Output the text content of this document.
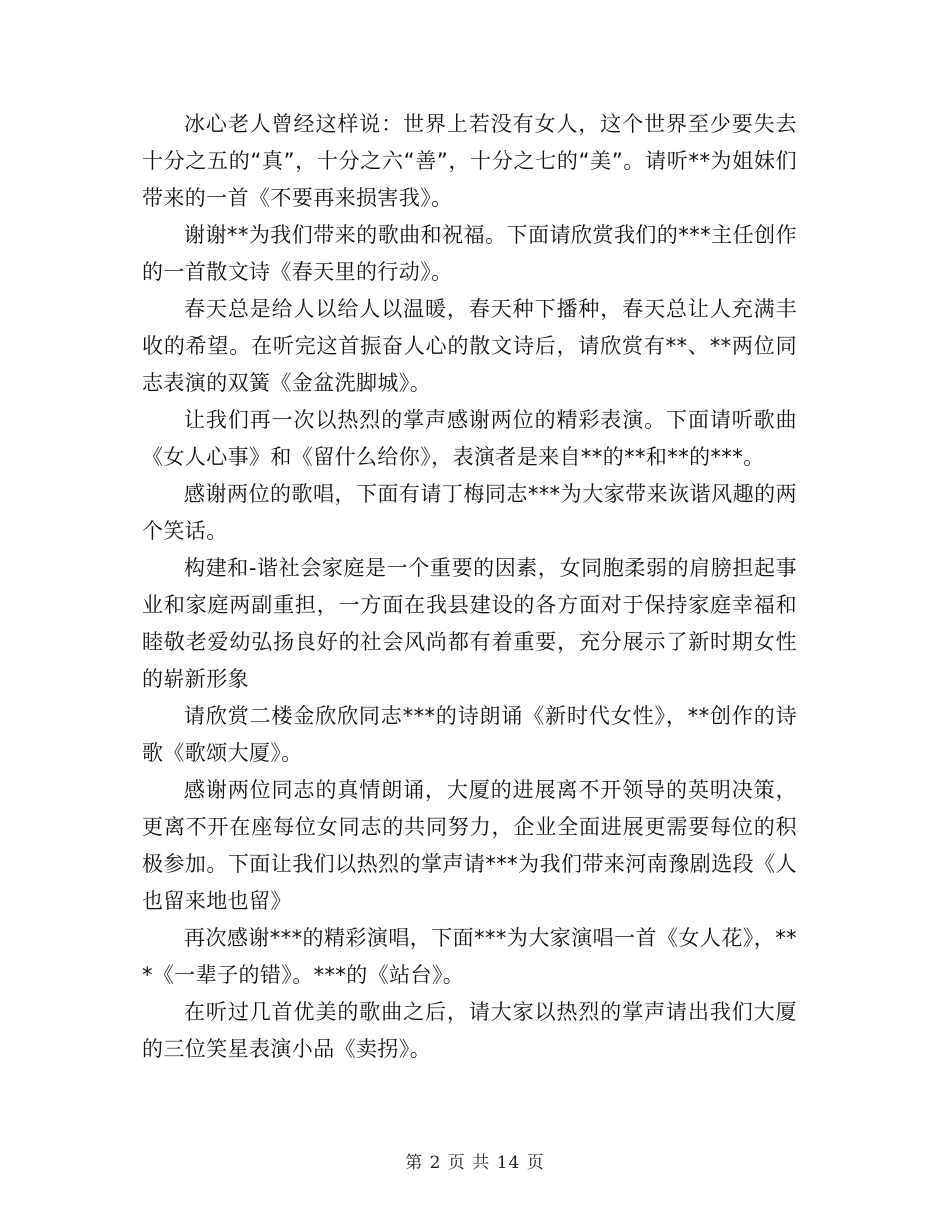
冰心老人曾经这样说：世界上若没有女人，这个世界至少要失去十分之五的“真”，十分之六“善”，十分之七的“美”。请听**为姐妹们带来的一首《不要再来损害我》。

谢谢**为我们带来的歌曲和祝福。下面请欣赏我们的***主任创作的一首散文诗《春天里的行动》。

春天总是给人以给人以温暖，春天种下播种，春天总让人充满丰收的希望。在听完这首振奋人心的散文诗后，请欣赏有**、**两位同志表演的双簧《金盆洗脚城》。

让我们再一次以热烈的掌声感谢两位的精彩表演。下面请听歌曲《女人心事》和《留什么给你》，表演者是来自**的**和**的***。

感谢两位的歌唱，下面有请丁梅同志***为大家带来诙谐风趣的两个笑话。

构建和-谐社会家庭是一个重要的因素，女同胞柔弱的肩膀担起事业和家庭两副重担，一方面在我县建设的各方面对于保持家庭幸福和睦敬老爱幼弘扬良好的社会风尚都有着重要，充分展示了新时期女性的崭新形象

请欣赏二楼金欣欣同志***的诗朗诵《新时代女性》，**创作的诗歌《歌颂大厦》。

感谢两位同志的真情朗诵，大厦的进展离不开领导的英明决策，更离不开在座每位女同志的共同努力，企业全面进展更需要每位的积极参加。下面让我们以热烈的掌声请***为我们带来河南豫剧选段《人也留来地也留》

再次感谢***的精彩演唱，下面***为大家演唱一首《女人花》，***《一辈子的错》。***的《站台》。

在听过几首优美的歌曲之后，请大家以热烈的掌声请出我们大厦的三位笑星表演小品《卖拐》。

第 2 页 共 14 页
